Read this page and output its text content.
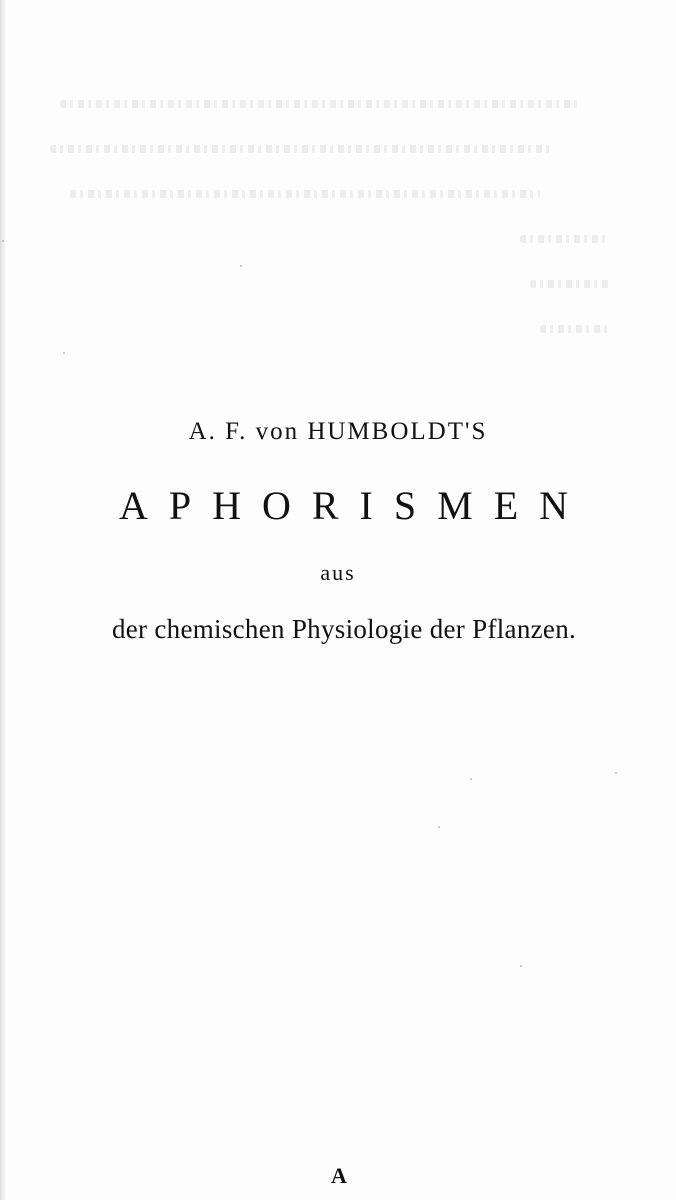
A. F. von HUMBOLDT'S
APHORISMEN
aus
der chemischen Physiologie der Pflanzen.
A
